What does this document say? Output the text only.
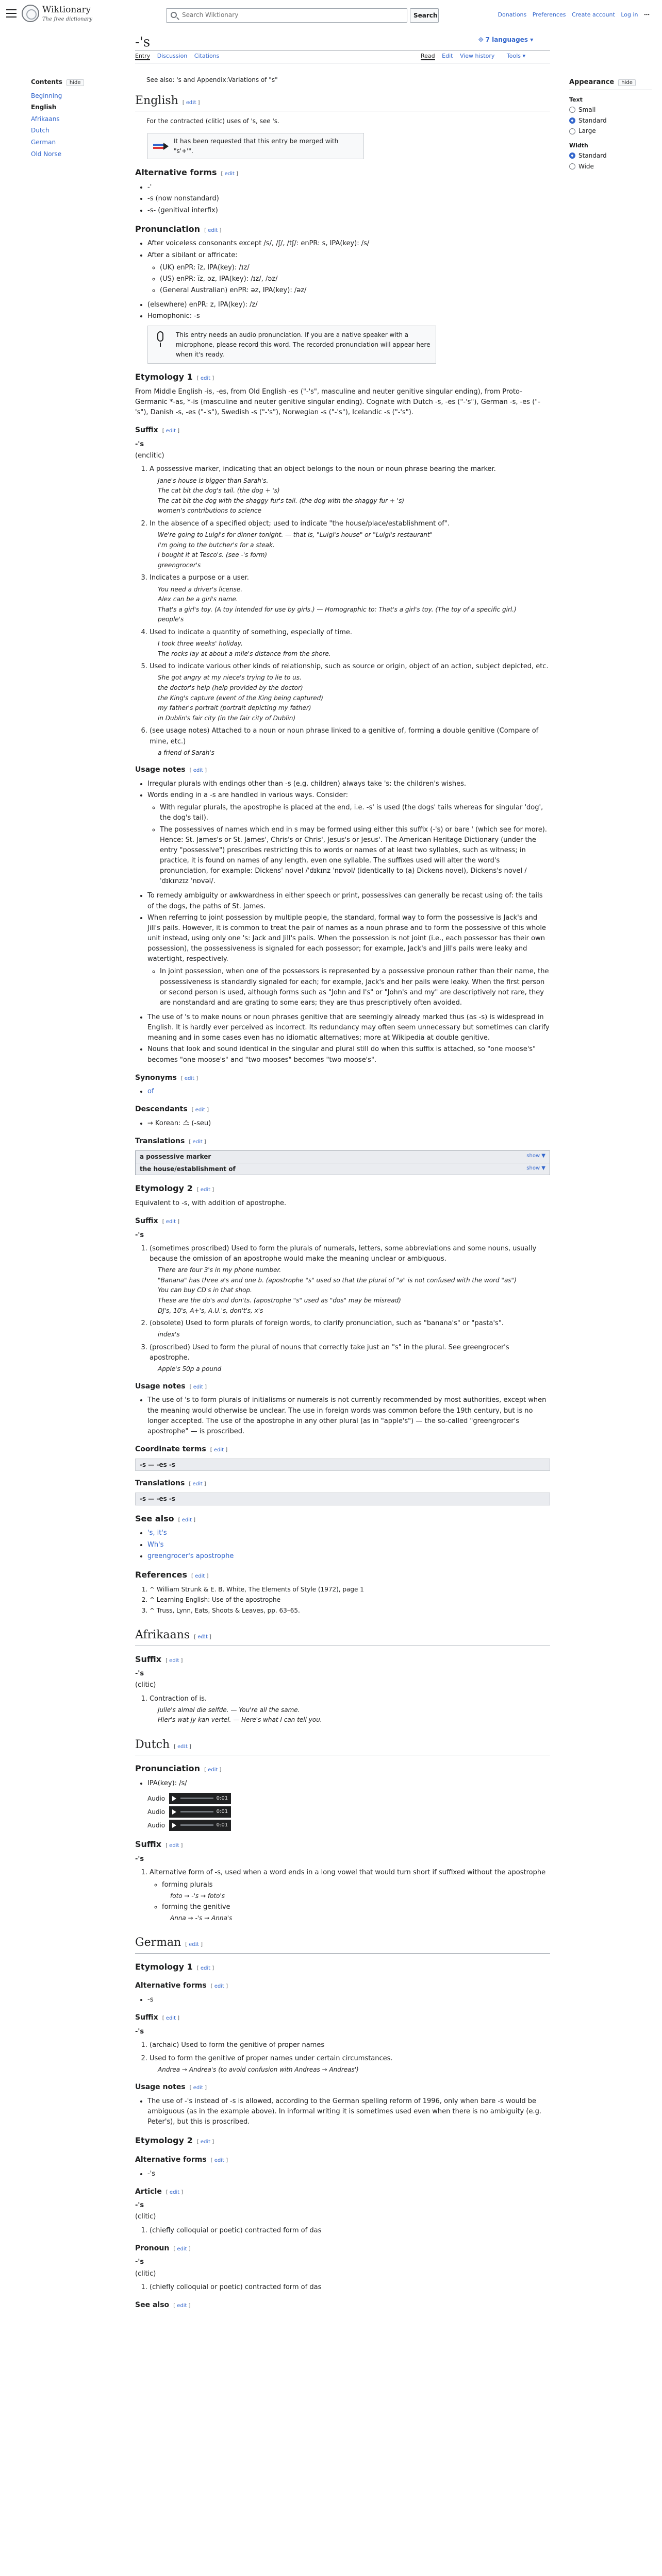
Wiktionary
The free dictionary
Search Wiktionary
Search	Donations Preferences Create account Log in ⋯
Contents hide
Beginning
English
Afrikaans
Dutch
German
Old Norse
-'s	⟐ 7 languages ▾
Entry Discussion Citations	Read Edit View history Tools ▾
Appearance hide
Text
Small
Standard
Large
Width
Standard
Wide
See also: 's and Appendix:Variations of "s"
English [ edit ]
For the contracted (clitic) uses of 's, see 's.
It has been requested that this entry be merged with "s'+'".
Alternative forms [ edit ]
• -'
• -s (now nonstandard)
• -s- (genitival interfix)
Pronunciation [ edit ]
• After voiceless consonants except /s/, /ʃ/, /tʃ/: enPR: s, IPA(key): /s/
• After a sibilant or affricate:
◦ (UK) enPR: ĭz, IPA(key): /ɪz/
◦ (US) enPR: ĭz, əz, IPA(key): /ɪz/, /əz/
◦ (General Australian) enPR: əz, IPA(key): /əz/
• (elsewhere) enPR: z, IPA(key): /z/
• Homophonic: -s
This entry needs an audio pronunciation. If you are a native speaker with a microphone, please record this word. The recorded pronunciation will appear here when it's ready.
Etymology 1 [ edit ]

From Middle English -is, -es, from Old English -es ("-'s", masculine and neuter genitive singular ending), from Proto-Germanic *-as, *-is (masculine and neuter genitive singular ending). Cognate with Dutch -s, -es ("-'s"), German -s, -es ("-'s"), Danish -s, -es ("-'s"), Swedish -s ("-'s"), Norwegian -s ("-'s"), Icelandic -s ("-'s").

Suffix [ edit ]
-'s
(enclitic)
1. A possessive marker, indicating that an object belongs to the noun or noun phrase bearing the marker.
Jane's house is bigger than Sarah's.
The cat bit the dog's tail. (the dog + 's)
The cat bit the dog with the shaggy fur's tail. (the dog with the shaggy fur + 's)
women's contributions to science
2. In the absence of a specified object; used to indicate "the house/place/establishment of".
We're going to Luigi's for dinner tonight. — that is, "Luigi's house" or "Luigi's restaurant"
I'm going to the butcher's for a steak.
I bought it at Tesco's. (see -'s form)
greengrocer's
3. Indicates a purpose or a user.
You need a driver's license.
Alex can be a girl's name.
That's a girl's toy. (A toy intended for use by girls.) — Homographic to: That's a girl's toy. (The toy of a specific girl.)
people's
4. Used to indicate a quantity of something, especially of time.
I took three weeks' holiday.
The rocks lay at about a mile's distance from the shore.
5. Used to indicate various other kinds of relationship, such as source or origin, object of an action, subject depicted, etc.
She got angry at my niece's trying to lie to us.
the doctor's help (help provided by the doctor)
the King's capture (event of the King being captured)
my father's portrait (portrait depicting my father)
in Dublin's fair city (in the fair city of Dublin)
6. (see usage notes) Attached to a noun or noun phrase linked to a genitive of, forming a double genitive (Compare of mine, etc.)
a friend of Sarah's
Usage notes [ edit ]
• Irregular plurals with endings other than -s (e.g. children) always take 's: the children's wishes.
• Words ending in a -s are handled in various ways. Consider:
◦ With regular plurals, the apostrophe is placed at the end, i.e. -s' is used (the dogs' tails whereas for singular 'dog', the dog's tail).
◦ The possessives of names which end in s may be formed using either this suffix (-'s) or bare ' (which see for more). Hence: St. James's or St. James', Chris's or Chris', Jesus's or Jesus'. The American Heritage Dictionary (under the entry "possessive") prescribes restricting this to words or names of at least two syllables, such as witness; in practice, it is found on names of any length, even one syllable. The suffixes used will alter the word's pronunciation, for example: Dickens' novel /ˈdɪkɪnz ˈnɒvəl/ (identically to (a) Dickens novel), Dickens's novel /ˈdɪkɪnzɪz ˈnɒvəl/.
• To remedy ambiguity or awkwardness in either speech or print, possessives can generally be recast using of: the tails of the dogs, the paths of St. James.
• When referring to joint possession by multiple people, the standard, formal way to form the possessive is Jack's and Jill's pails. However, it is common to treat the pair of names as a noun phrase and to form the possessive of this whole unit instead, using only one 's: Jack and Jill's pails. When the possession is not joint (i.e., each possessor has their own possession), the possessiveness is signaled for each possessor; for example, Jack's and Jill's pails were leaky and watertight, respectively.
◦ In joint possession, when one of the possessors is represented by a possessive pronoun rather than their name, the possessiveness is standardly signaled for each; for example, Jack's and her pails were leaky. When the first person or second person is used, although forms such as "John and I's" or "John's and my" are descriptively not rare, they are nonstandard and are grating to some ears; they are thus prescriptively often avoided.
• The use of 's to make nouns or noun phrases genitive that are seemingly already marked thus (as -s) is widespread in English. It is hardly ever perceived as incorrect. Its redundancy may often seem unnecessary but sometimes can clarify meaning and in some cases even has no idiomatic alternatives; more at Wikipedia at double genitive.
• Nouns that look and sound identical in the singular and plural still do when this suffix is attached, so "one moose's" becomes "one moose's" and "two mooses" becomes "two moose's".
Synonyms [ edit ]
• of
Descendants [ edit ]
• → Korean: 스 (-seu)
Translations [ edit ]
a possessive marker	show ▼
the house/establishment of	show ▼
Etymology 2 [ edit ]

Equivalent to -s, with addition of apostrophe.

Suffix [ edit ]
-'s
1. (sometimes proscribed) Used to form the plurals of numerals, letters, some abbreviations and some nouns, usually because the omission of an apostrophe would make the meaning unclear or ambiguous.
There are four 3's in my phone number.
"Banana" has three a's and one b. (apostrophe "s" used so that the plural of "a" is not confused with the word "as")
You can buy CD's in that shop.
These are the do's and don'ts. (apostrophe "s" used as "dos" may be misread)
DJ's, 10's, A+'s, A.U.'s, don't's, x's
2. (obsolete) Used to form plurals of foreign words, to clarify pronunciation, such as "banana's" or "pasta's".
index's
3. (proscribed) Used to form the plural of nouns that correctly take just an "s" in the plural. See greengrocer's apostrophe.
Apple's 50p a pound
Usage notes [ edit ]
• The use of 's to form plurals of initialisms or numerals is not currently recommended by most authorities, except when the meaning would otherwise be unclear. The use in foreign words was common before the 19th century, but is no longer accepted. The use of the apostrophe in any other plural (as in "apple's") — the so-called "greengrocer's apostrophe" — is proscribed.
Coordinate terms [ edit ]
-s — -es -s
Translations [ edit ]
-s — -es -s
See also [ edit ]
• 's, it's
• Wh's
• greengrocer's apostrophe
References [ edit ]
1. ^ William Strunk & E. B. White, The Elements of Style (1972), page 1
2. ^ Learning English: Use of the apostrophe
3. ^ Truss, Lynn, Eats, Shoots & Leaves, pp. 63–65.
Afrikaans [ edit ]
Suffix [ edit ]
-'s
(clitic)
1. Contraction of is.
Julle's almal die selfde. — You're all the same.
Hier's wat jy kan vertel. — Here's what I can tell you.
Dutch [ edit ]
Pronunciation [ edit ]
• IPA(key): /s/
Audio	0:01
Audio	0:01
Audio	0:01
Suffix [ edit ]
-'s
1. Alternative form of -s, used when a word ends in a long vowel that would turn short if suffixed without the apostrophe
◦ forming plurals
foto → -'s → foto's
◦ forming the genitive
Anna → -'s → Anna's
German [ edit ]
Etymology 1 [ edit ]
Alternative forms [ edit ]
• -s
Suffix [ edit ]
-'s
1. (archaic) Used to form the genitive of proper names
2. Used to form the genitive of proper names under certain circumstances.
Andrea → Andrea's (to avoid confusion with Andreas → Andreas')
Usage notes [ edit ]
• The use of -'s instead of -s is allowed, according to the German spelling reform of 1996, only when bare -s would be ambiguous (as in the example above). In informal writing it is sometimes used even when there is no ambiguity (e.g. Peter's), but this is proscribed.
Etymology 2 [ edit ]
Alternative forms [ edit ]
• -'s
Article [ edit ]
-'s
(clitic)
1. (chiefly colloquial or poetic) contracted form of das
Pronoun [ edit ]
-'s
(clitic)
1. (chiefly colloquial or poetic) contracted form of das
See also [ edit ]
